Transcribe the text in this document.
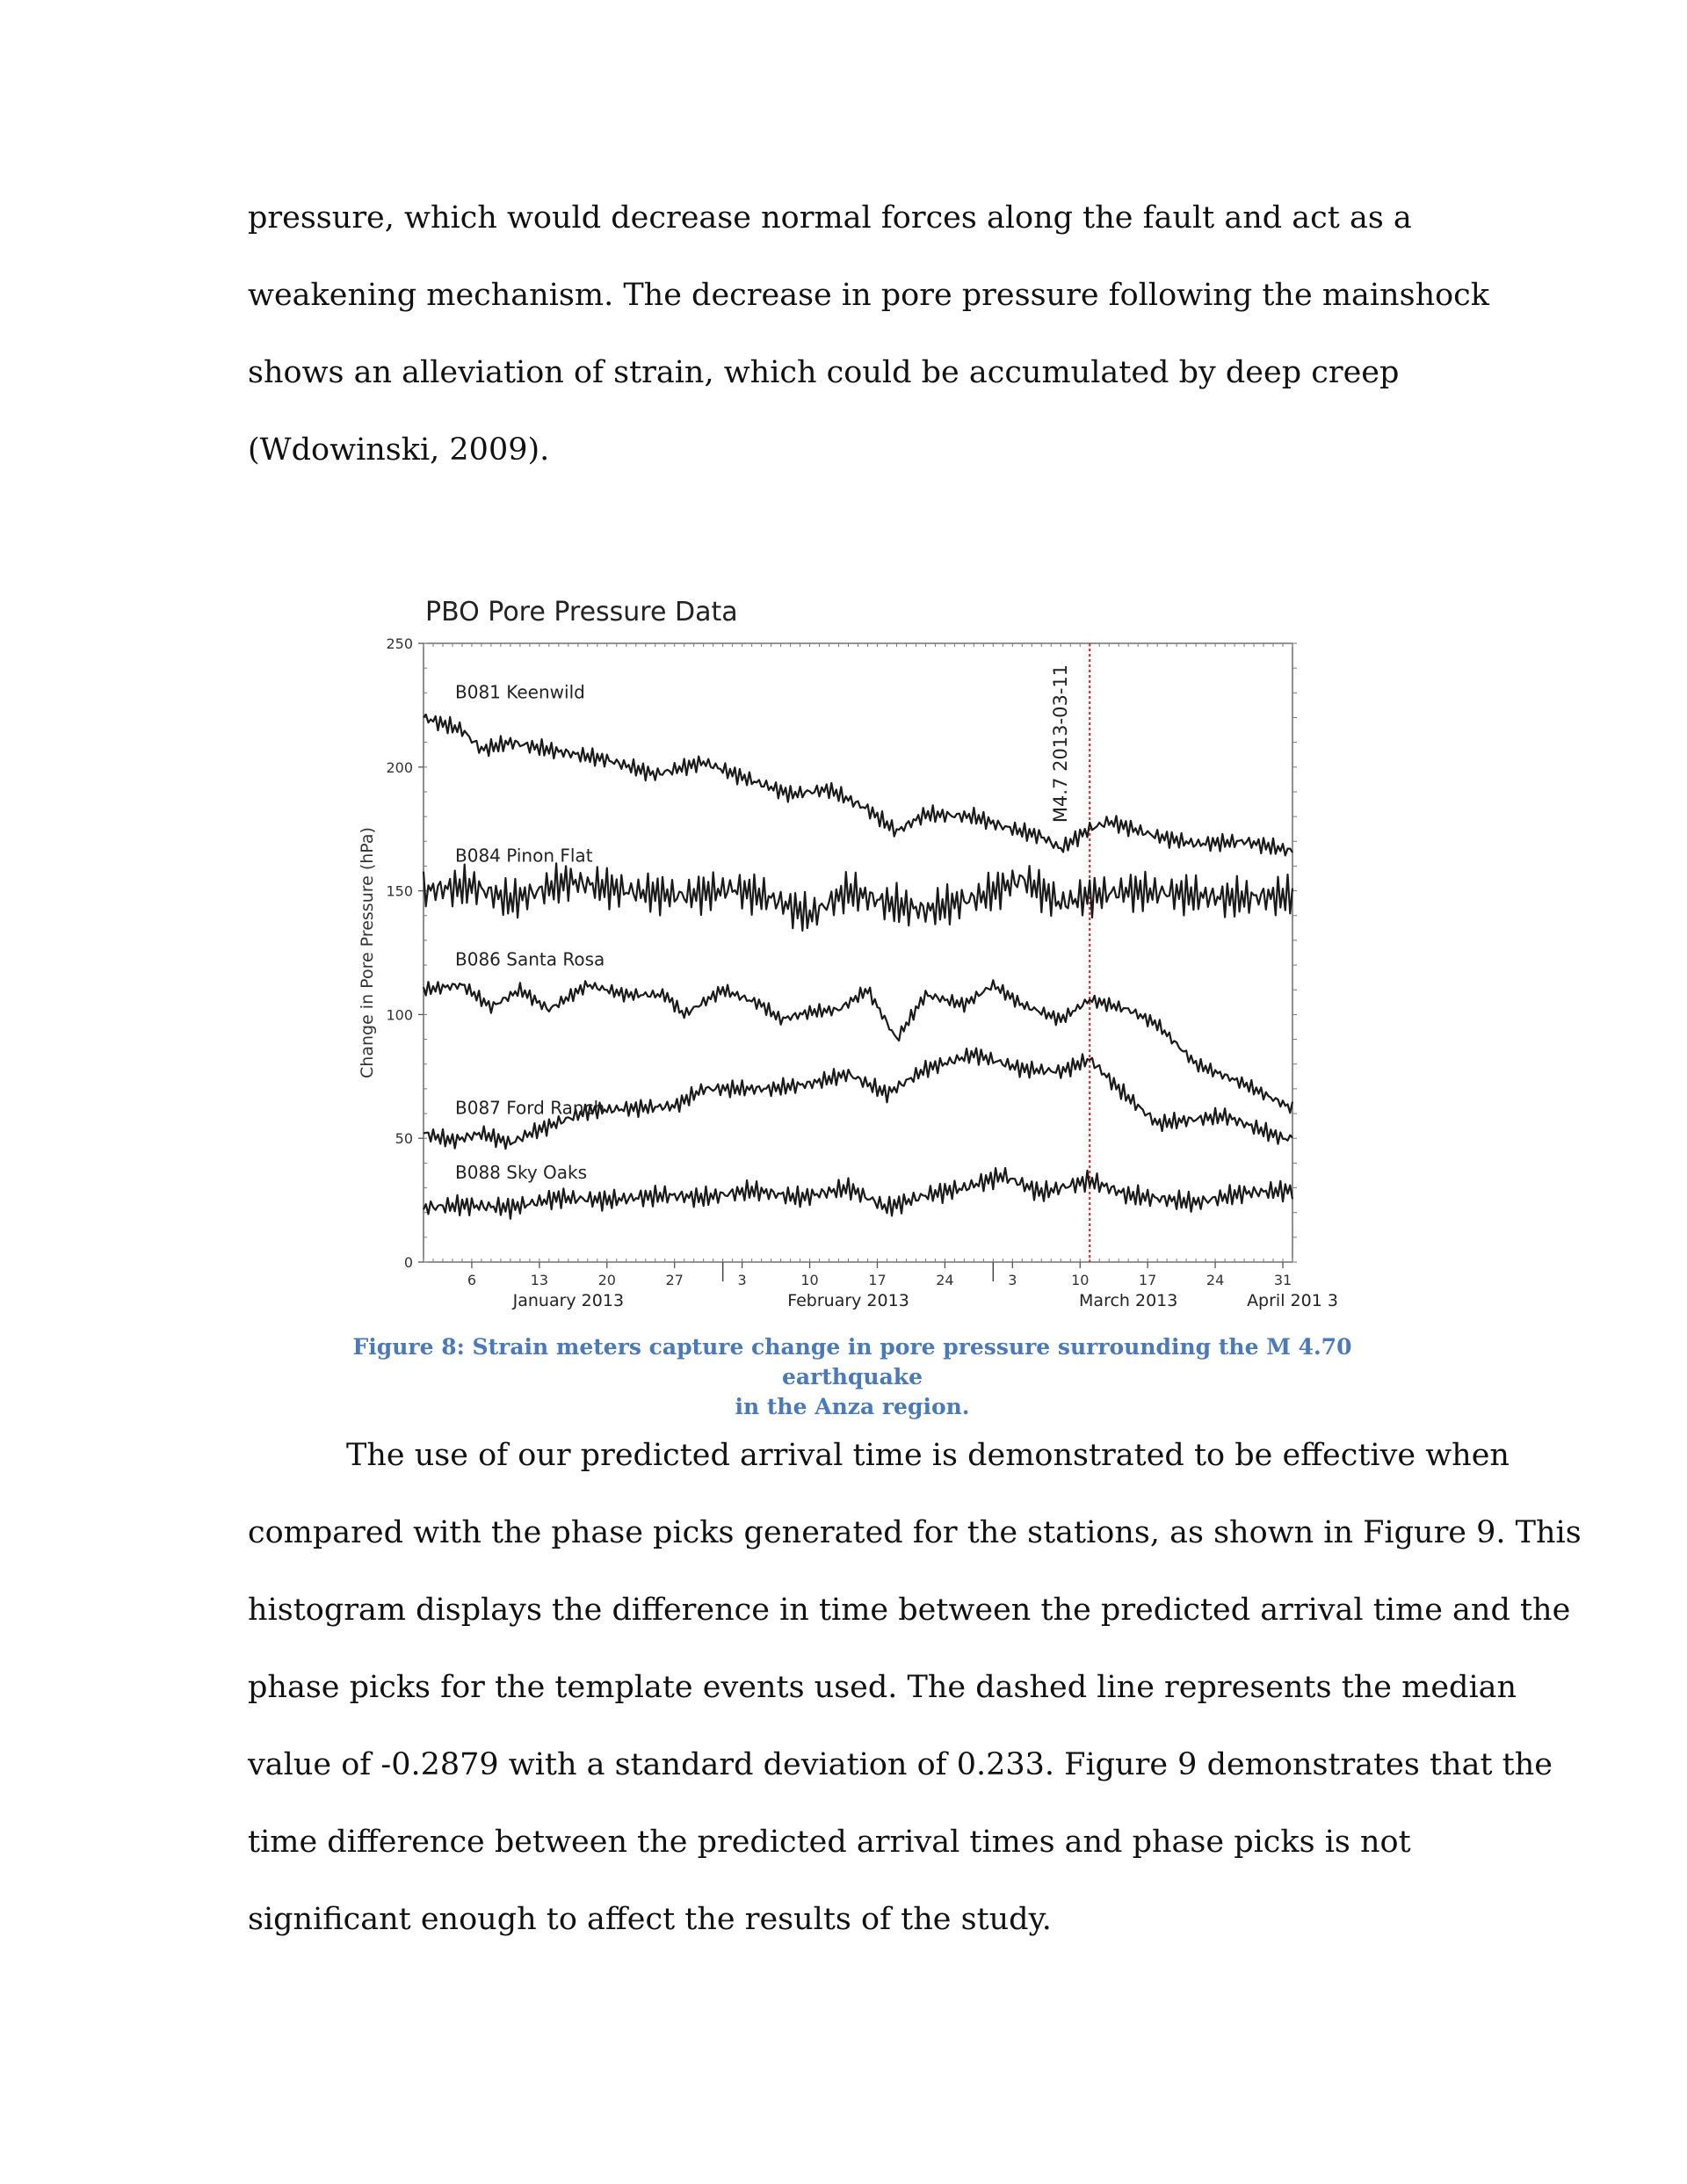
pressure, which would decrease normal forces along the fault and act as a
weakening mechanism. The decrease in pore pressure following the mainshock
shows an alleviation of strain, which could be accumulated by deep creep
(Wdowinski, 2009).

PBO Pore Pressure Data
0
50
100
150
200
250
Change in Pore Pressure (hPa)
6	13	20	27	3	10	17	24	3	10	17	24	31
January 2013	February 2013	March 2013	April 201 3
M4.7 2013-03-11
B081 Keenwild
B084 Pinon Flat
B086 Santa Rosa
B087 Ford Ranch
B088 Sky Oaks
Figure 8: Strain meters capture change in pore pressure surrounding the M 4.70 earthquake
in the Anza region.

The use of our predicted arrival time is demonstrated to be effective when
compared with the phase picks generated for the stations, as shown in Figure 9. This
histogram displays the difference in time between the predicted arrival time and the
phase picks for the template events used. The dashed line represents the median
value of -0.2879 with a standard deviation of 0.233. Figure 9 demonstrates that the
time difference between the predicted arrival times and phase picks is not
significant enough to affect the results of the study.
